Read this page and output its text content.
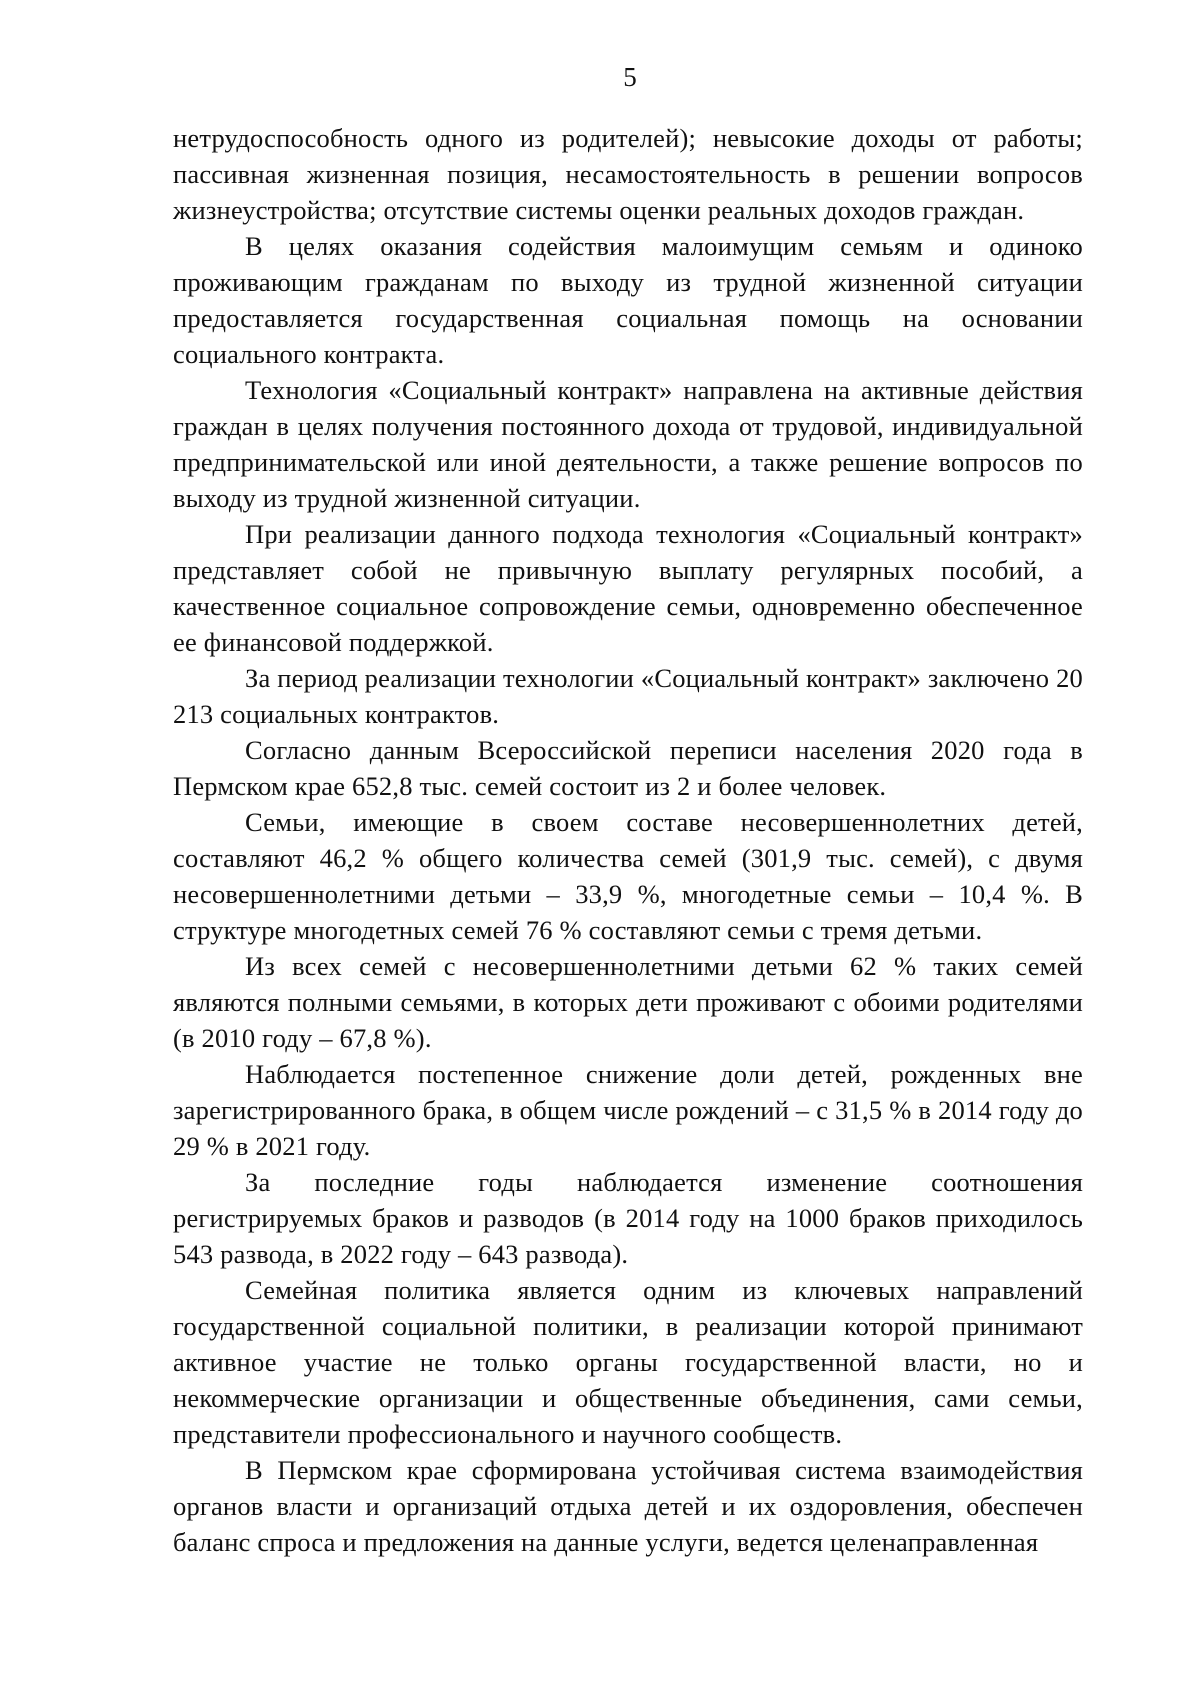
5

нетрудоспособность одного из родителей); невысокие доходы от работы; пассивная жизненная позиция, несамостоятельность в решении вопросов жизнеустройства; отсутствие системы оценки реальных доходов граждан.

В целях оказания содействия малоимущим семьям и одиноко проживающим гражданам по выходу из трудной жизненной ситуации предоставляется государственная социальная помощь на основании социального контракта.

Технология «Социальный контракт» направлена на активные действия граждан в целях получения постоянного дохода от трудовой, индивидуальной предпринимательской или иной деятельности, а также решение вопросов по выходу из трудной жизненной ситуации.

При реализации данного подхода технология «Социальный контракт» представляет собой не привычную выплату регулярных пособий, а качественное социальное сопровождение семьи, одновременно обеспеченное ее финансовой поддержкой.

За период реализации технологии «Социальный контракт» заключено 20 213 социальных контрактов.

Согласно данным Всероссийской переписи населения 2020 года в Пермском крае 652,8 тыс. семей состоит из 2 и более человек.

Семьи, имеющие в своем составе несовершеннолетних детей, составляют 46,2 % общего количества семей (301,9 тыс. семей), с двумя несовершеннолетними детьми – 33,9 %, многодетные семьи – 10,4 %. В структуре многодетных семей 76 % составляют семьи с тремя детьми.

Из всех семей с несовершеннолетними детьми 62 % таких семей являются полными семьями, в которых дети проживают с обоими родителями (в 2010 году – 67,8 %).

Наблюдается постепенное снижение доли детей, рожденных вне зарегистрированного брака, в общем числе рождений – с 31,5 % в 2014 году до 29 % в 2021 году.

За последние годы наблюдается изменение соотношения регистрируемых браков и разводов (в 2014 году на 1000 браков приходилось 543 развода, в 2022 году – 643 развода).

Семейная политика является одним из ключевых направлений государственной социальной политики, в реализации которой принимают активное участие не только органы государственной власти, но и некоммерческие организации и общественные объединения, сами семьи, представители профессионального и научного сообществ.

В Пермском крае сформирована устойчивая система взаимодействия органов власти и организаций отдыха детей и их оздоровления, обеспечен баланс спроса и предложения на данные услуги, ведется целенаправленная
